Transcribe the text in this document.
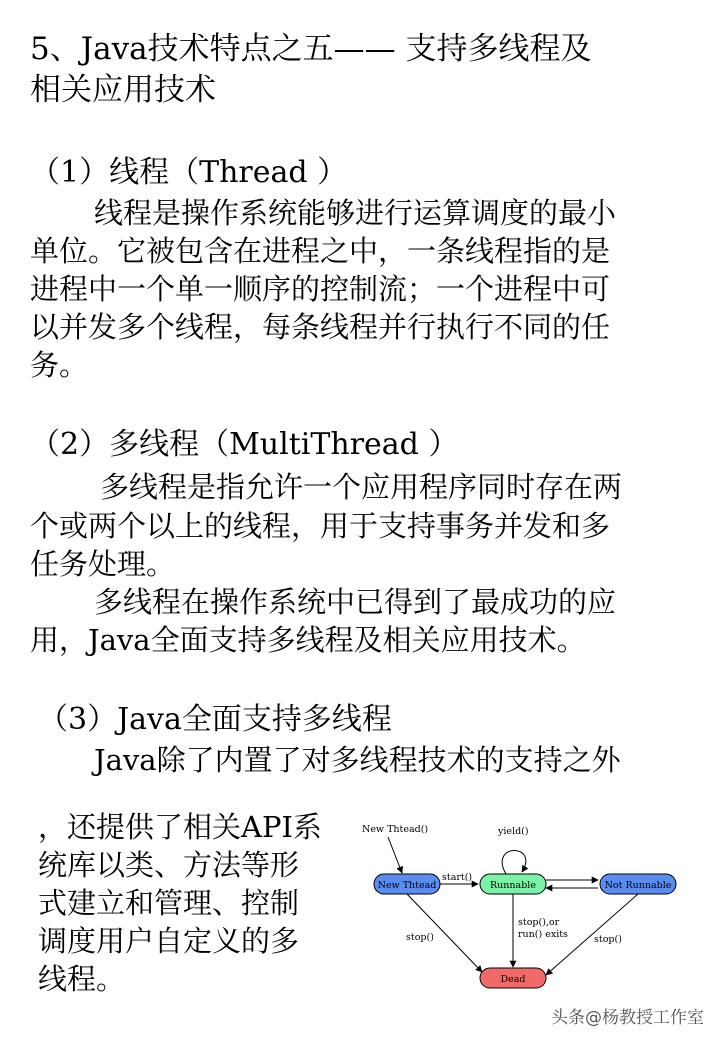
5、Java技术特点之五—— 支持多线程及
相关应用技术
（1）线程（Thread ）
线程是操作系统能够进行运算调度的最小
单位。它被包含在进程之中，一条线程指的是
进程中一个单一顺序的控制流；一个进程中可
以并发多个线程，每条线程并行执行不同的任
务。
（2）多线程（MultiThread ）
多线程是指允许一个应用程序同时存在两
个或两个以上的线程，用于支持事务并发和多
任务处理。
多线程在操作系统中已得到了最成功的应
用，Java全面支持多线程及相关应用技术。
（3）Java全面支持多线程
Java除了内置了对多线程技术的支持之外
，还提供了相关API系
统库以类、方法等形
式建立和管理、控制
调度用户自定义的多
线程。
New Thtead()
New Thtead
start()
Runnable
yield()
Not Runnable
Dead
stop()
stop(),or
run() exits	stop()
头条@杨教授工作室
